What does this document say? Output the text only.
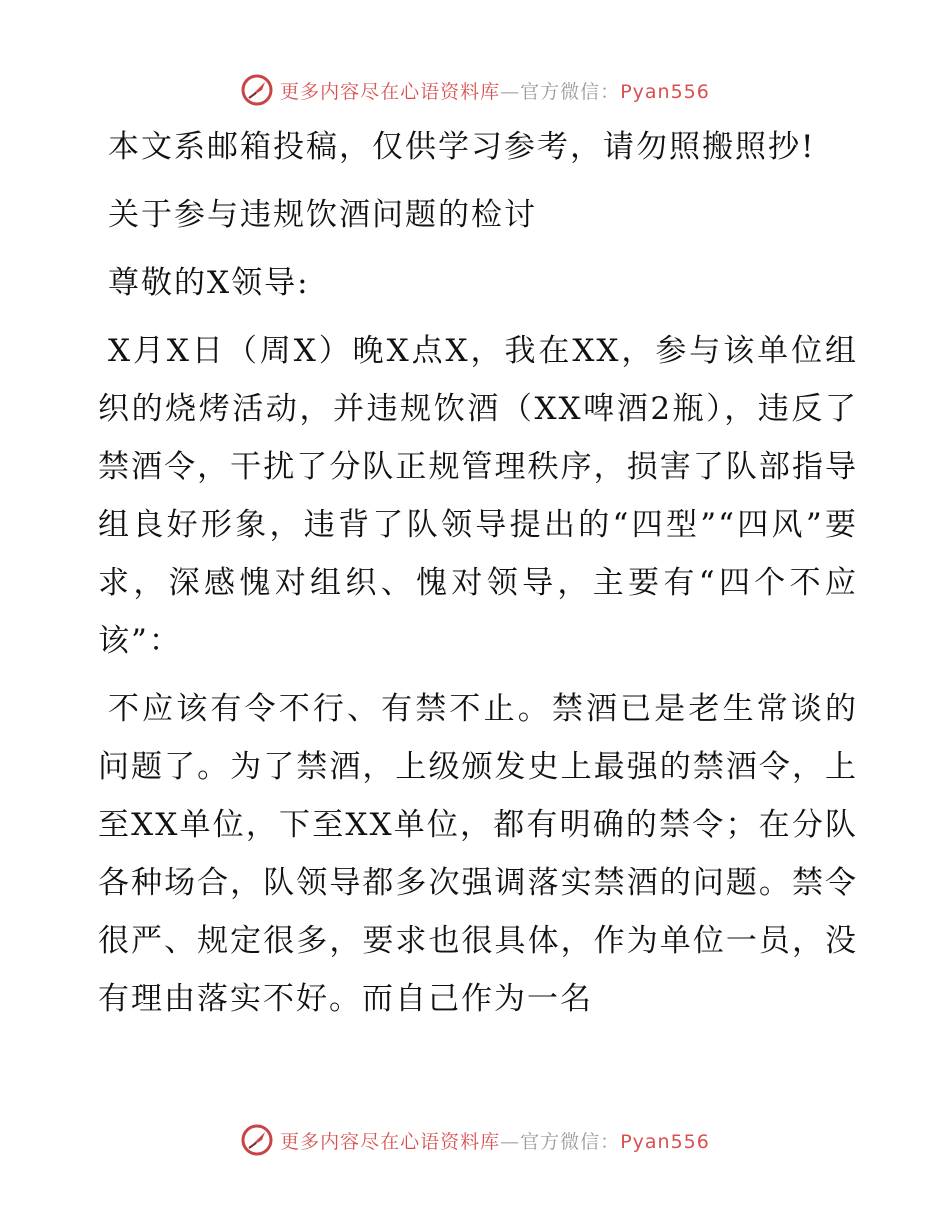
更多内容尽在心语资料库—官方微信：Pyan556

本文系邮箱投稿，仅供学习参考，请勿照搬照抄!

关于参与违规饮酒问题的检讨

尊敬的X领导:

X月X日（周X）晚X点X，我在XX，参与该单位组织的烧烤活动，并违规饮酒（XX啤酒2瓶），违反了禁酒令，干扰了分队正规管理秩序，损害了队部指导组良好形象，违背了队领导提出的“四型”“四风”要求，深感愧对组织、愧对领导，主要有“四个不应该”：

不应该有令不行、有禁不止。禁酒已是老生常谈的问题了。为了禁酒，上级颁发史上最强的禁酒令，上至XX单位，下至XX单位，都有明确的禁令；在分队各种场合，队领导都多次强调落实禁酒的问题。禁令很严、规定很多，要求也很具体，作为单位一员，没有理由落实不好。而自己作为一名

更多内容尽在心语资料库—官方微信：Pyan556
